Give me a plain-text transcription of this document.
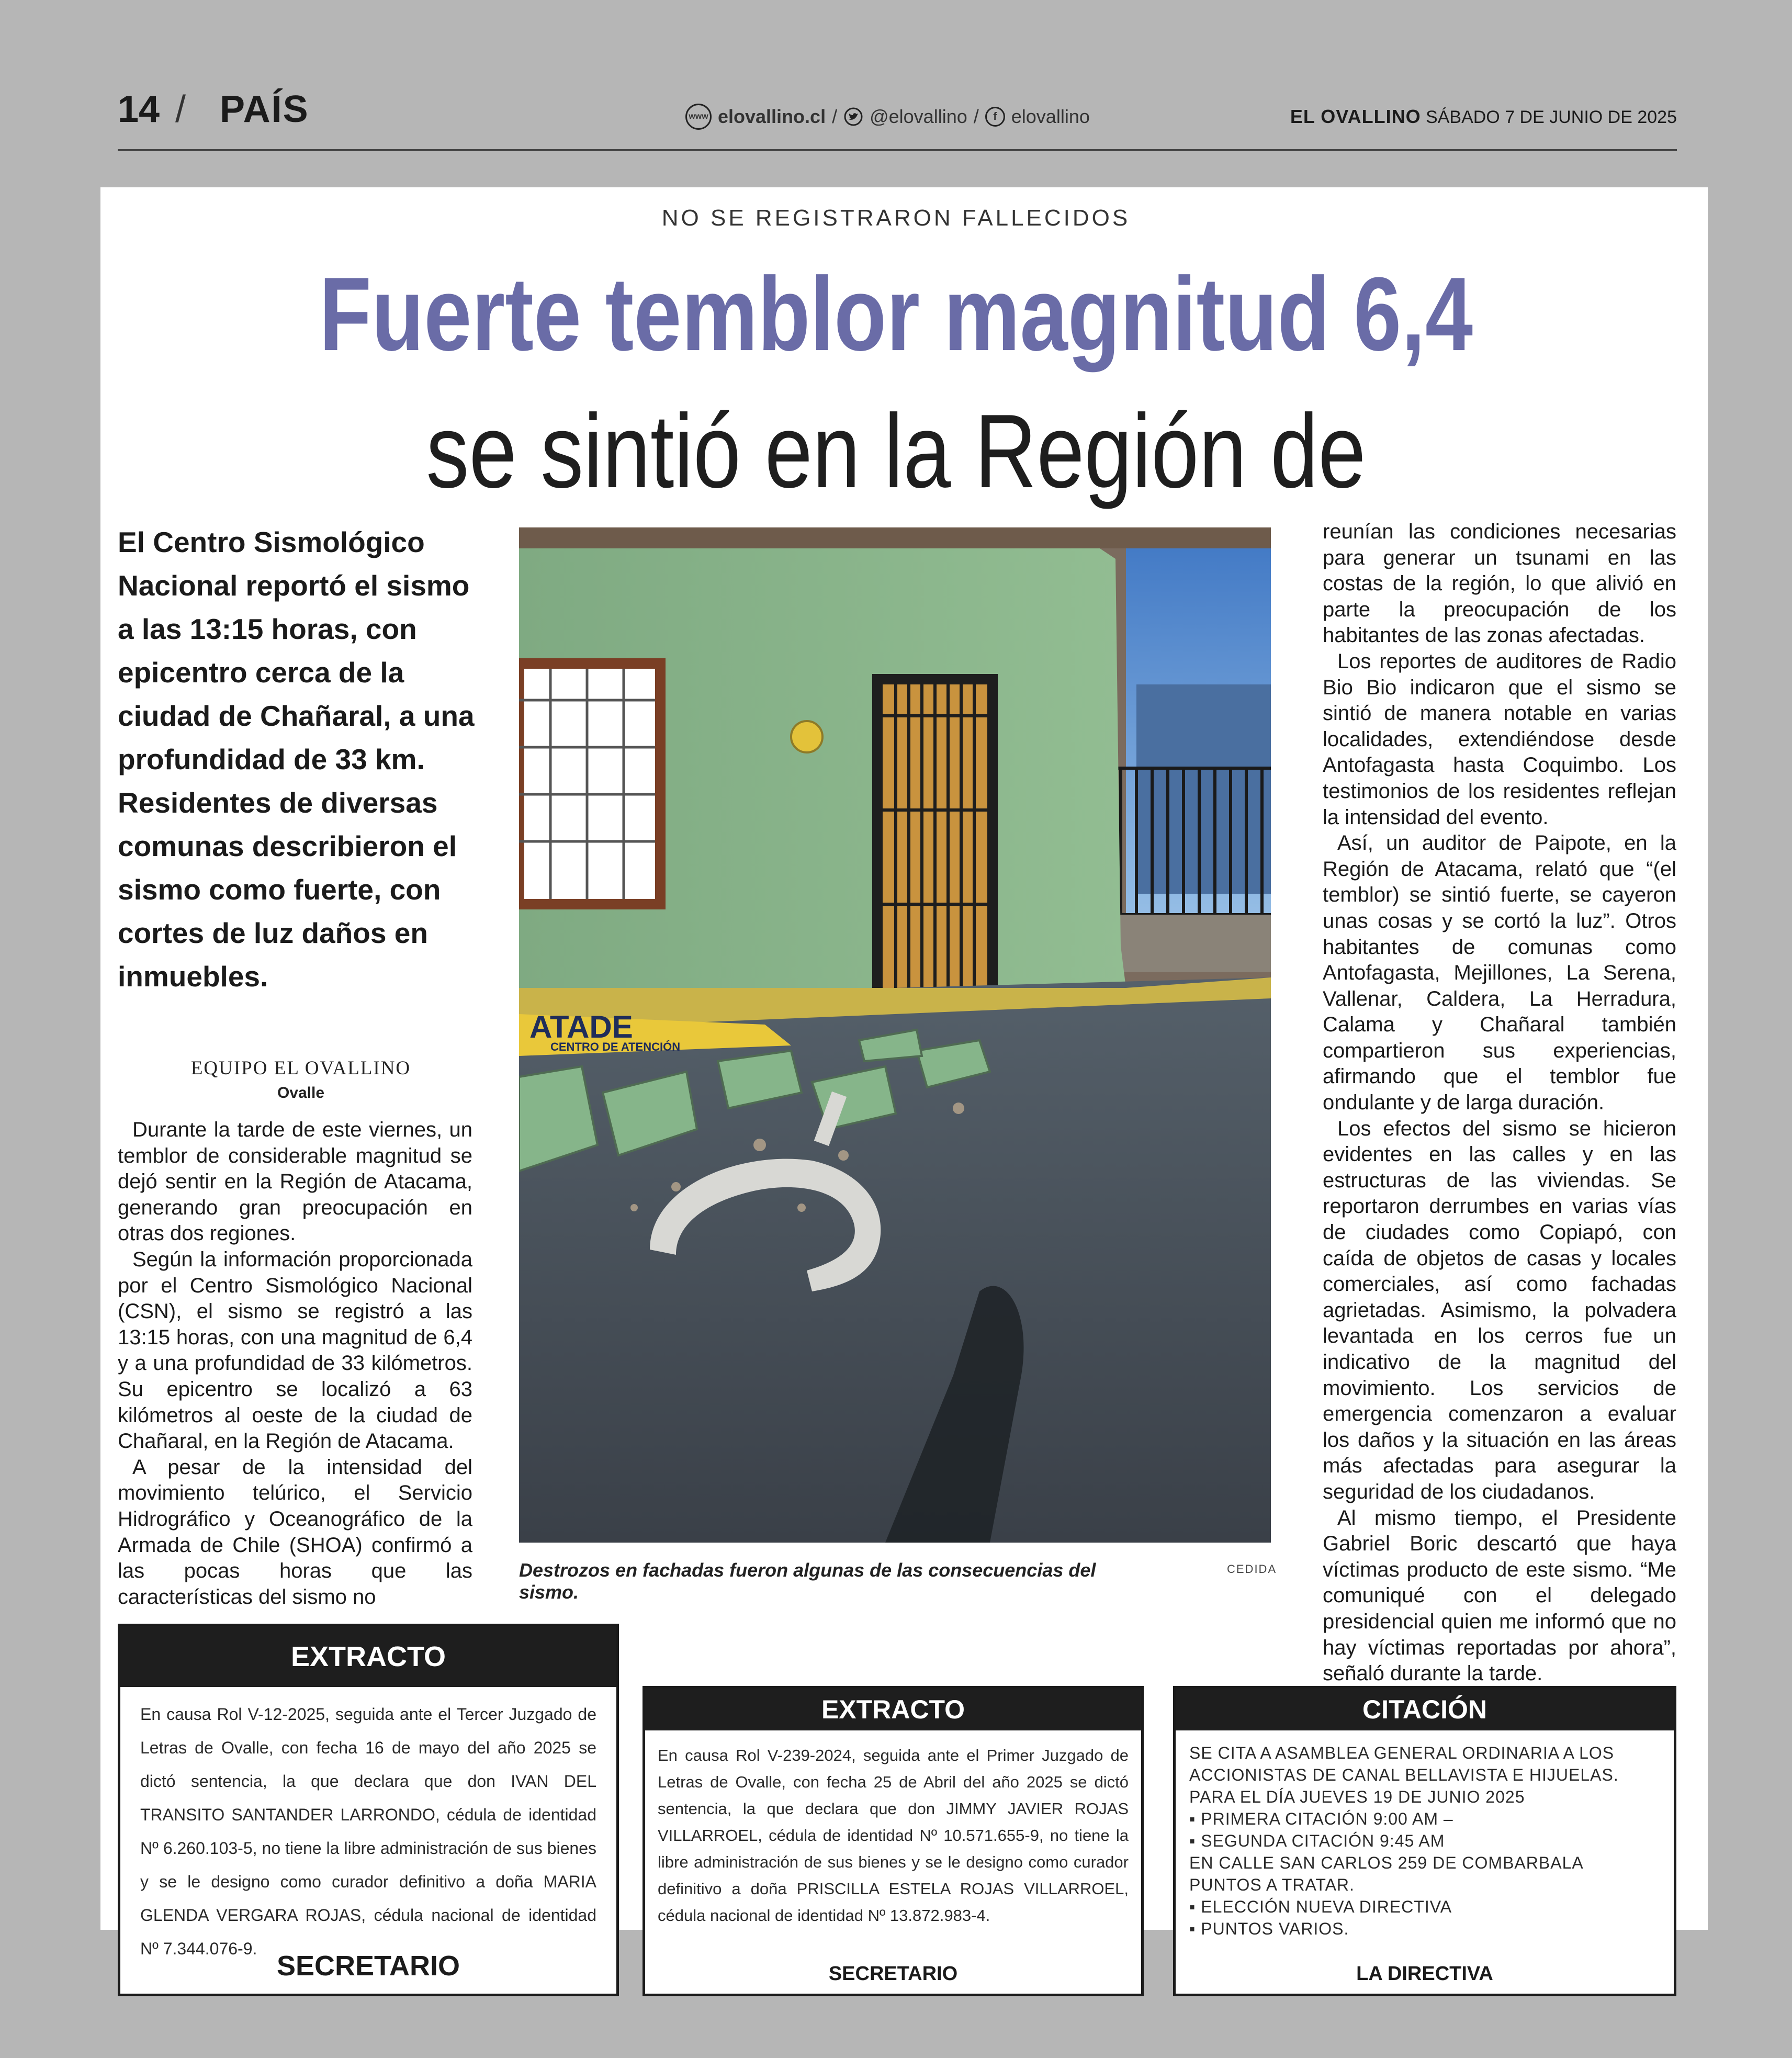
14 / PAÍS	www elovallino.cl / @elovallino /	f elovallino	EL OVALLINO SÁBADO 7 DE JUNIO DE 2025
NO SE REGISTRARON FALLECIDOS
Fuerte temblor magnitud 6,4 se sintió en la Región de
El Centro Sismológico Nacional reportó el sismo a las 13:15 horas, con epicentro cerca de la ciudad de Chañaral, a una profundidad de 33 km. Residentes de diversas comunas describieron el sismo como fuerte, con cortes de luz daños en inmuebles.
EQUIPO EL OVALLINO
Ovalle

Durante la tarde de este viernes, un temblor de considerable magnitud se dejó sentir en la Región de Atacama, generando gran preocupación en otras dos regiones.

Según la información proporcionada por el Centro Sismológico Nacional (CSN), el sismo se registró a las 13:15 horas, con una magnitud de 6,4 y a una profundidad de 33 kilómetros. Su epicentro se localizó a 63 kilómetros al oeste de la ciudad de Chañaral, en la Región de Atacama.

A pesar de la intensidad del movimiento telúrico, el Servicio Hidrográfico y Oceanográfico de la Armada de Chile (SHOA) confirmó a las pocas horas que las características del sismo no

reunían las condiciones necesarias para generar un tsunami en las costas de la región, lo que alivió en parte la preocupación de los habitantes de las zonas afectadas.

Los reportes de auditores de Radio Bio Bio indicaron que el sismo se sintió de manera notable en varias localidades, extendiéndose desde Antofagasta hasta Coquimbo. Los testimonios de los residentes reflejan la intensidad del evento.

Así, un auditor de Paipote, en la Región de Atacama, relató que “(el temblor) se sintió fuerte, se cayeron unas cosas y se cortó la luz”. Otros habitantes de comunas como Antofagasta, Mejillones, La Serena, Vallenar, Caldera, La Herradura, Calama y Chañaral también compartieron sus experiencias, afirmando que el temblor fue ondulante y de larga duración.

Los efectos del sismo se hicieron evidentes en las calles y en las estructuras de las viviendas. Se reportaron derrumbes en varias vías de ciudades como Copiapó, con caída de objetos de casas y locales comerciales, así como fachadas agrietadas. Asimismo, la polvadera levantada en los cerros fue un indicativo de la magnitud del movimiento. Los servicios de emergencia comenzaron a evaluar los daños y la situación en las áreas más afectadas para asegurar la seguridad de los ciudadanos.

Al mismo tiempo, el Presidente Gabriel Boric descartó que haya víctimas producto de este sismo. “Me comuniqué con el delegado presidencial quien me informó que no hay víctimas reportadas por ahora”, señaló durante la tarde.

ATADE
CENTRO DE ATENCIÓN
Destrozos en fachadas fueron algunas de las consecuencias del sismo.
CEDIDA
EXTRACTO
En causa Rol V-12-2025, seguida ante el Tercer Juzgado de Letras de Ovalle, con fecha 16 de mayo del año 2025 se dictó sentencia, la que declara que don IVAN DEL TRANSITO SANTANDER LARRONDO, cédula de identidad Nº 6.260.103-5, no tiene la libre administración de sus bienes y se le designo como curador definitivo a doña MARIA GLENDA VERGARA ROJAS, cédula nacional de identidad Nº 7.344.076-9.
SECRETARIO
EXTRACTO
En causa Rol V-239-2024, seguida ante el Primer Juzgado de Letras de Ovalle, con fecha 25 de Abril del año 2025 se dictó sentencia, la que declara que don JIMMY JAVIER ROJAS VILLARROEL, cédula de identidad Nº 10.571.655-9, no tiene la libre administración de sus bienes y se le designo como curador definitivo a doña PRISCILLA ESTELA ROJAS VILLARROEL, cédula nacional de identidad Nº 13.872.983-4.
SECRETARIO
CITACIÓN
SE CITA A ASAMBLEA GENERAL ORDINARIA A LOS ACCIONISTAS DE CANAL BELLAVISTA E HIJUELAS. PARA EL DÍA JUEVES 19 DE JUNIO 2025
▪ PRIMERA CITACIÓN 9:00 AM –
▪ SEGUNDA CITACIÓN 9:45 AM
EN CALLE SAN CARLOS 259 DE COMBARBALA
PUNTOS A TRATAR.
▪ ELECCIÓN NUEVA DIRECTIVA
▪ PUNTOS VARIOS.
LA DIRECTIVA
